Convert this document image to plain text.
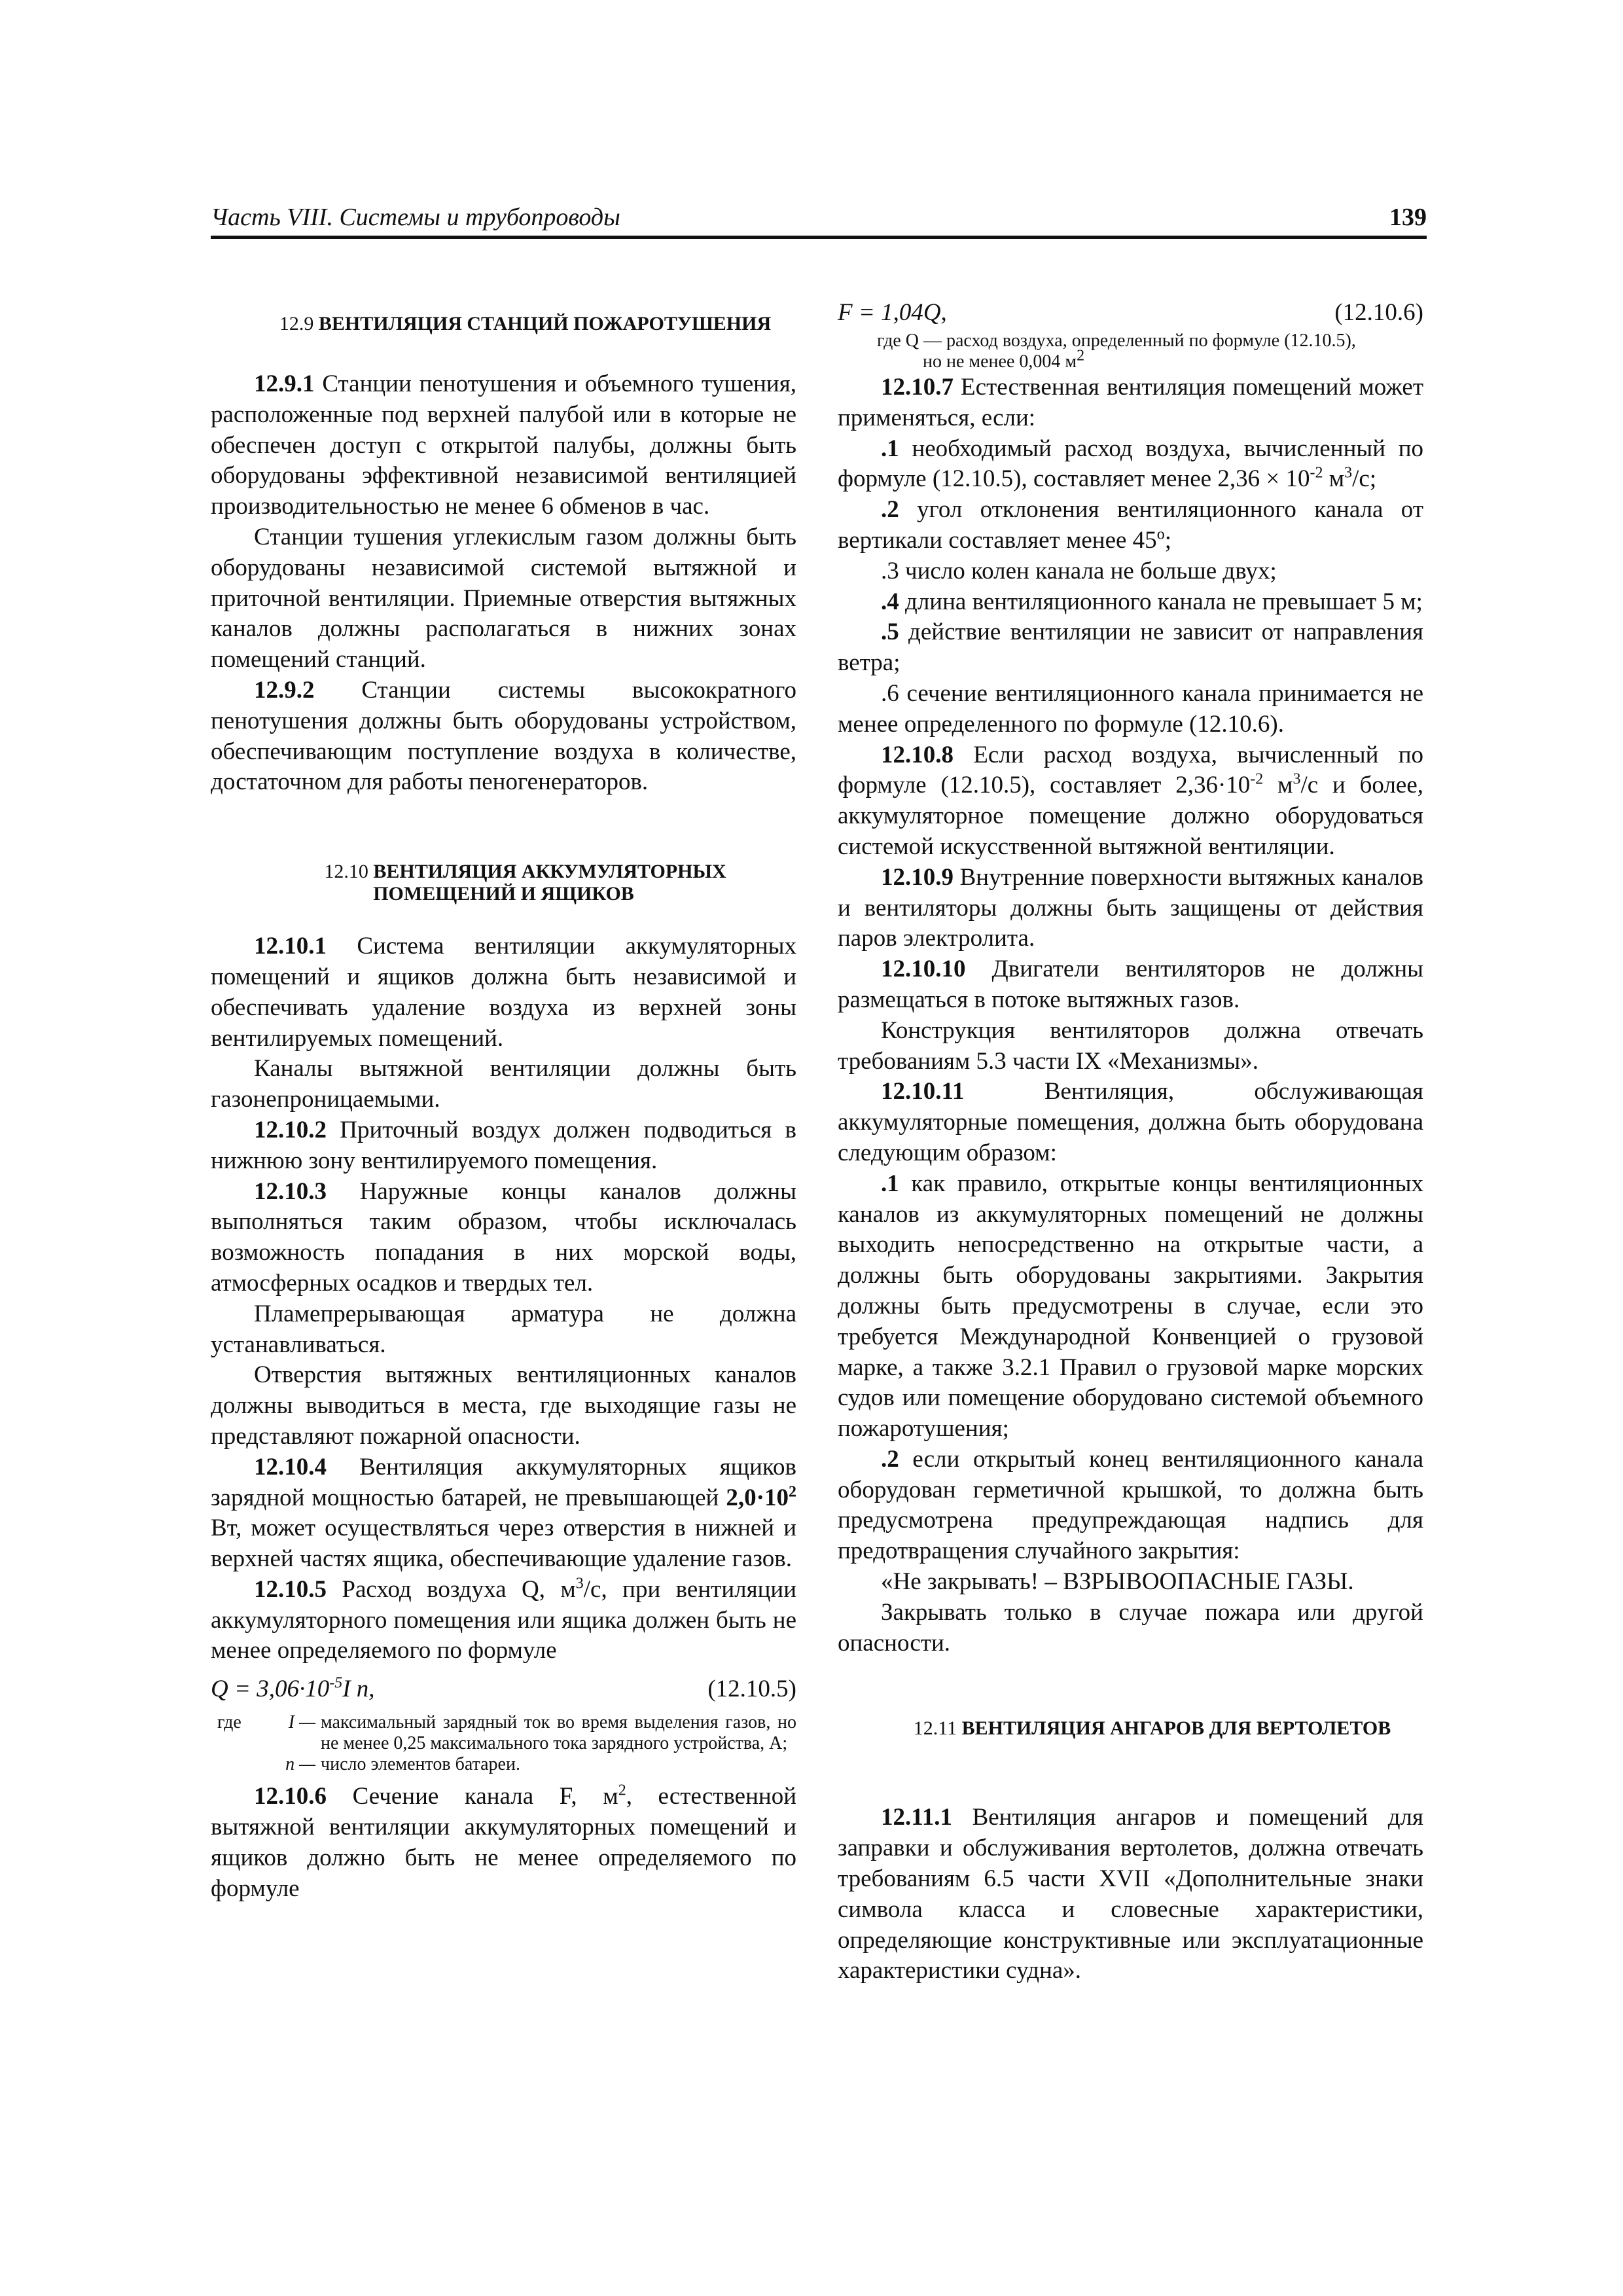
Часть VIII. Системы и трубопроводы	139

12.9 ВЕНТИЛЯЦИЯ СТАНЦИЙ ПОЖАРОТУШЕНИЯ

12.9.1 Станции пенотушения и объемного тушения, расположенные под верхней палубой или в которые не обеспечен доступ с открытой палубы, должны быть оборудованы эффективной независимой вентиляцией производительностью не менее 6 обменов в час.

Станции тушения углекислым газом должны быть оборудованы независимой системой вытяжной и приточной вентиляции. Приемные отверстия вытяжных каналов должны располагаться в нижних зонах помещений станций.

12.9.2 Станции системы высокократного пенотушения должны быть оборудованы устройством, обеспечивающим поступление воздуха в количестве, достаточном для работы пеногенераторов.

12.10 ВЕНТИЛЯЦИЯ АККУМУЛЯТОРНЫХ
ПОМЕЩЕНИЙ И ЯЩИКОВ

12.10.1 Система вентиляции аккумуляторных помещений и ящиков должна быть независимой и обеспечивать удаление воздуха из верхней зоны вентилируемых помещений.

Каналы вытяжной вентиляции должны быть газонепроницаемыми.

12.10.2 Приточный воздух должен подводиться в нижнюю зону вентилируемого помещения.

12.10.3 Наружные концы каналов должны выполняться таким образом, чтобы исключалась возможность попадания в них морской воды, атмосферных осадков и твердых тел.

Пламепрерывающая арматура не должна устанавливаться.

Отверстия вытяжных вентиляционных каналов должны выводиться в места, где выходящие газы не представляют пожарной опасности.

12.10.4 Вентиляция аккумуляторных ящиков зарядной мощностью батарей, не превышающей $2,0\cdot 10^2$ Вт, может осуществляться через отверстия в нижней и верхней частях ящика, обеспечивающие удаление газов.

12.10.5 Расход воздуха Q, $м^3/с$, при вентиляции аккумуляторного помещения или ящика должен быть не менее определяемого по формуле

$Q = 3,06\cdot 10^{-5}I$ n,	(12.10.5)
где	I — максимальный зарядный ток во время выделения газов, но не менее 0,25 максимального тока зарядного устройства, А;
n — число элементов батареи.

12.10.6 Сечение канала F, $м^2$, естественной вытяжной вентиляции аккумуляторных помещений и ящиков должно быть не менее определяемого по формуле

F = 1,04Q,	(12.10.6)
где Q — расход воздуха, определенный по формуле (12.10.5),
но не менее 0,004 м2

12.10.7 Естественная вентиляция помещений может применяться, если:

.1 необходимый расход воздуха, вычисленный по формуле (12.10.5), составляет менее $2,36 \times 10^{-2}$ $м^3/с$;

.2 угол отклонения вентиляционного канала от вертикали составляет менее 45$^o$;

.3 число колен канала не больше двух;

.4 длина вентиляционного канала не превышает 5 м;

.5 действие вентиляции не зависит от направления ветра;

.6 сечение вентиляционного канала принимается не менее определенного по формуле (12.10.6).

12.10.8 Если расход воздуха, вычисленный по формуле (12.10.5), составляет $2,36\cdot 10^{-2}$ $м^3/с$ и более, аккумуляторное помещение должно оборудоваться системой искусственной вытяжной вентиляции.

12.10.9 Внутренние поверхности вытяжных каналов и вентиляторы должны быть защищены от действия паров электролита.

12.10.10 Двигатели вентиляторов не должны размещаться в потоке вытяжных газов.

Конструкция вентиляторов должна отвечать требованиям 5.3 части IX «Механизмы».

12.10.11	Вентиляция, обслуживающая аккумуляторные помещения, должна быть оборудована следующим образом:

.1 как правило, открытые концы вентиляционных каналов из аккумуляторных помещений не должны выходить непосредственно на открытые части, а должны быть оборудованы закрытиями. Закрытия должны быть предусмотрены в случае, если это требуется Международной Конвенцией о грузовой марке, а также 3.2.1 Правил о грузовой марке морских судов или помещение оборудовано системой объемного пожаротушения;

.2 если открытый конец вентиляционного канала оборудован герметичной крышкой, то должна быть предусмотрена предупреждающая надпись для предотвращения случайного закрытия:

«Не закрывать! – ВЗРЫВООПАСНЫЕ ГАЗЫ.

Закрывать только в случае пожара или другой опасности.

12.11 ВЕНТИЛЯЦИЯ АНГАРОВ ДЛЯ ВЕРТОЛЕТОВ

12.11.1 Вентиляция ангаров и помещений для заправки и обслуживания вертолетов, должна отвечать требованиям 6.5 части XVII «Дополнительные знаки символа класса и словесные характеристики, определяющие конструктивные или эксплуатационные характеристики судна».
